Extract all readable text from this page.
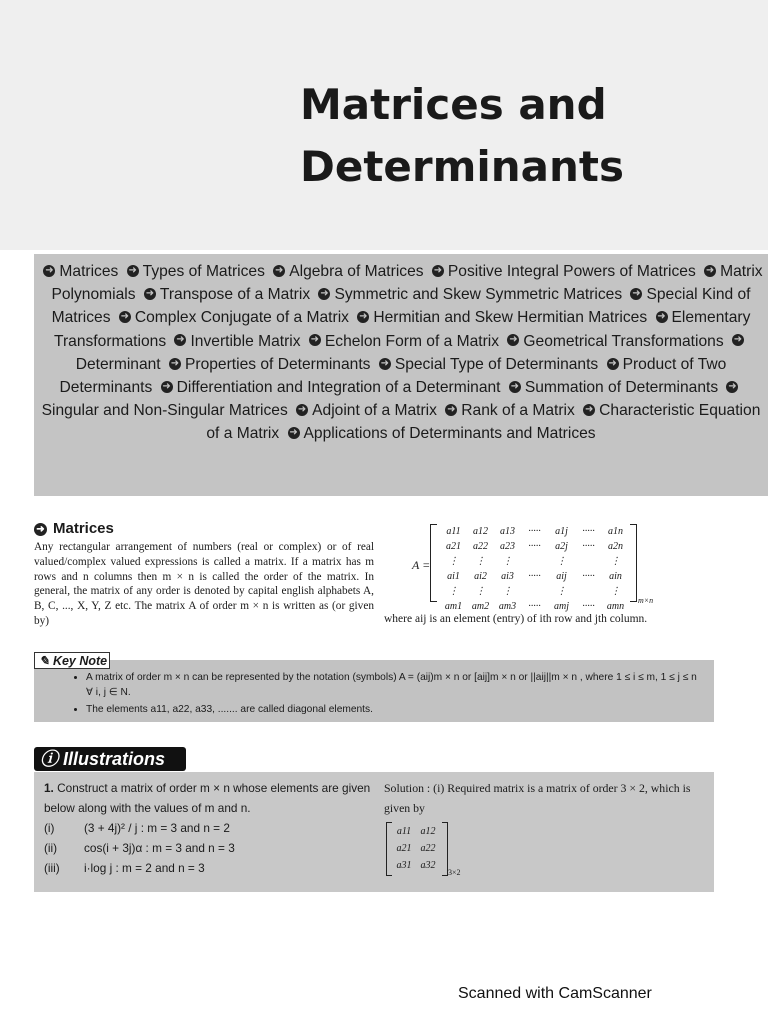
Matrices and
Determinants
➜ Matrices ➜ Types of Matrices ➜ Algebra of Matrices ➜ Positive Integral Powers of Matrices ➜ Matrix Polynomials ➜ Transpose of a Matrix ➜ Symmetric and Skew Symmetric Matrices ➜ Special Kind of Matrices ➜ Complex Conjugate of a Matrix ➜ Hermitian and Skew Hermitian Matrices ➜ Elementary Transformations ➜ Invertible Matrix ➜ Echelon Form of a Matrix ➜ Geometrical Transformations ➜Determinant ➜ Properties of Determinants ➜ Special Type of Determinants ➜ Product of Two Determinants ➜ Differentiation and Integration of a Determinant ➜ Summation of Determinants ➜Singular and Non-Singular Matrices ➜ Adjoint of a Matrix ➜ Rank of a Matrix ➜ Characteristic Equation of a Matrix ➜ Applications of Determinants and Matrices
➜ Matrices
Any rectangular arrangement of numbers (real or complex) or of real valued/complex valued expressions is called a matrix. If a matrix has m rows and n columns then m × n is called the order of the matrix. In general, the matrix of any order is denoted by capital english alphabets A, B, C, ..., X, Y, Z etc. The matrix A of order m × n is written as (or given by)
A =
a11	a12	a13	·····	a1j	·····	a1n
a21	a22	a23	·····	a2j	·····	a2n
⋮	⋮	⋮		⋮		⋮
ai1	ai2	ai3	·····	aij	·····	ain
⋮	⋮	⋮		⋮		⋮
am1	am2	am3	·····	amj	·····	amn
m×n
where aij is an element (entry) of ith row and jth column.
• A matrix of order m × n can be represented by the notation (symbols) A = (aij)m × n or [aij]m × n or ||aij||m × n , where 1 ≤ i ≤ m, 1 ≤ j ≤ n ∀ i, j ∈ N.
• The elements a11, a22, a33, ....... are called diagonal elements.
✎ Key Note
ⓘ Illustrations
1. Construct a matrix of order m × n whose elements are given below along with the values of m and n.
(i)	(3 + 4j)² / j : m = 3 and n = 2
(ii) cos(i + 3j)α : m = 3 and n = 3
(iii) i·log j : m = 2 and n = 3
Solution : (i) Required matrix is a matrix of order 3 × 2, which is given by
a11	a12
a21	a22
a31	a32
3×2
Scanned with CamScanner
